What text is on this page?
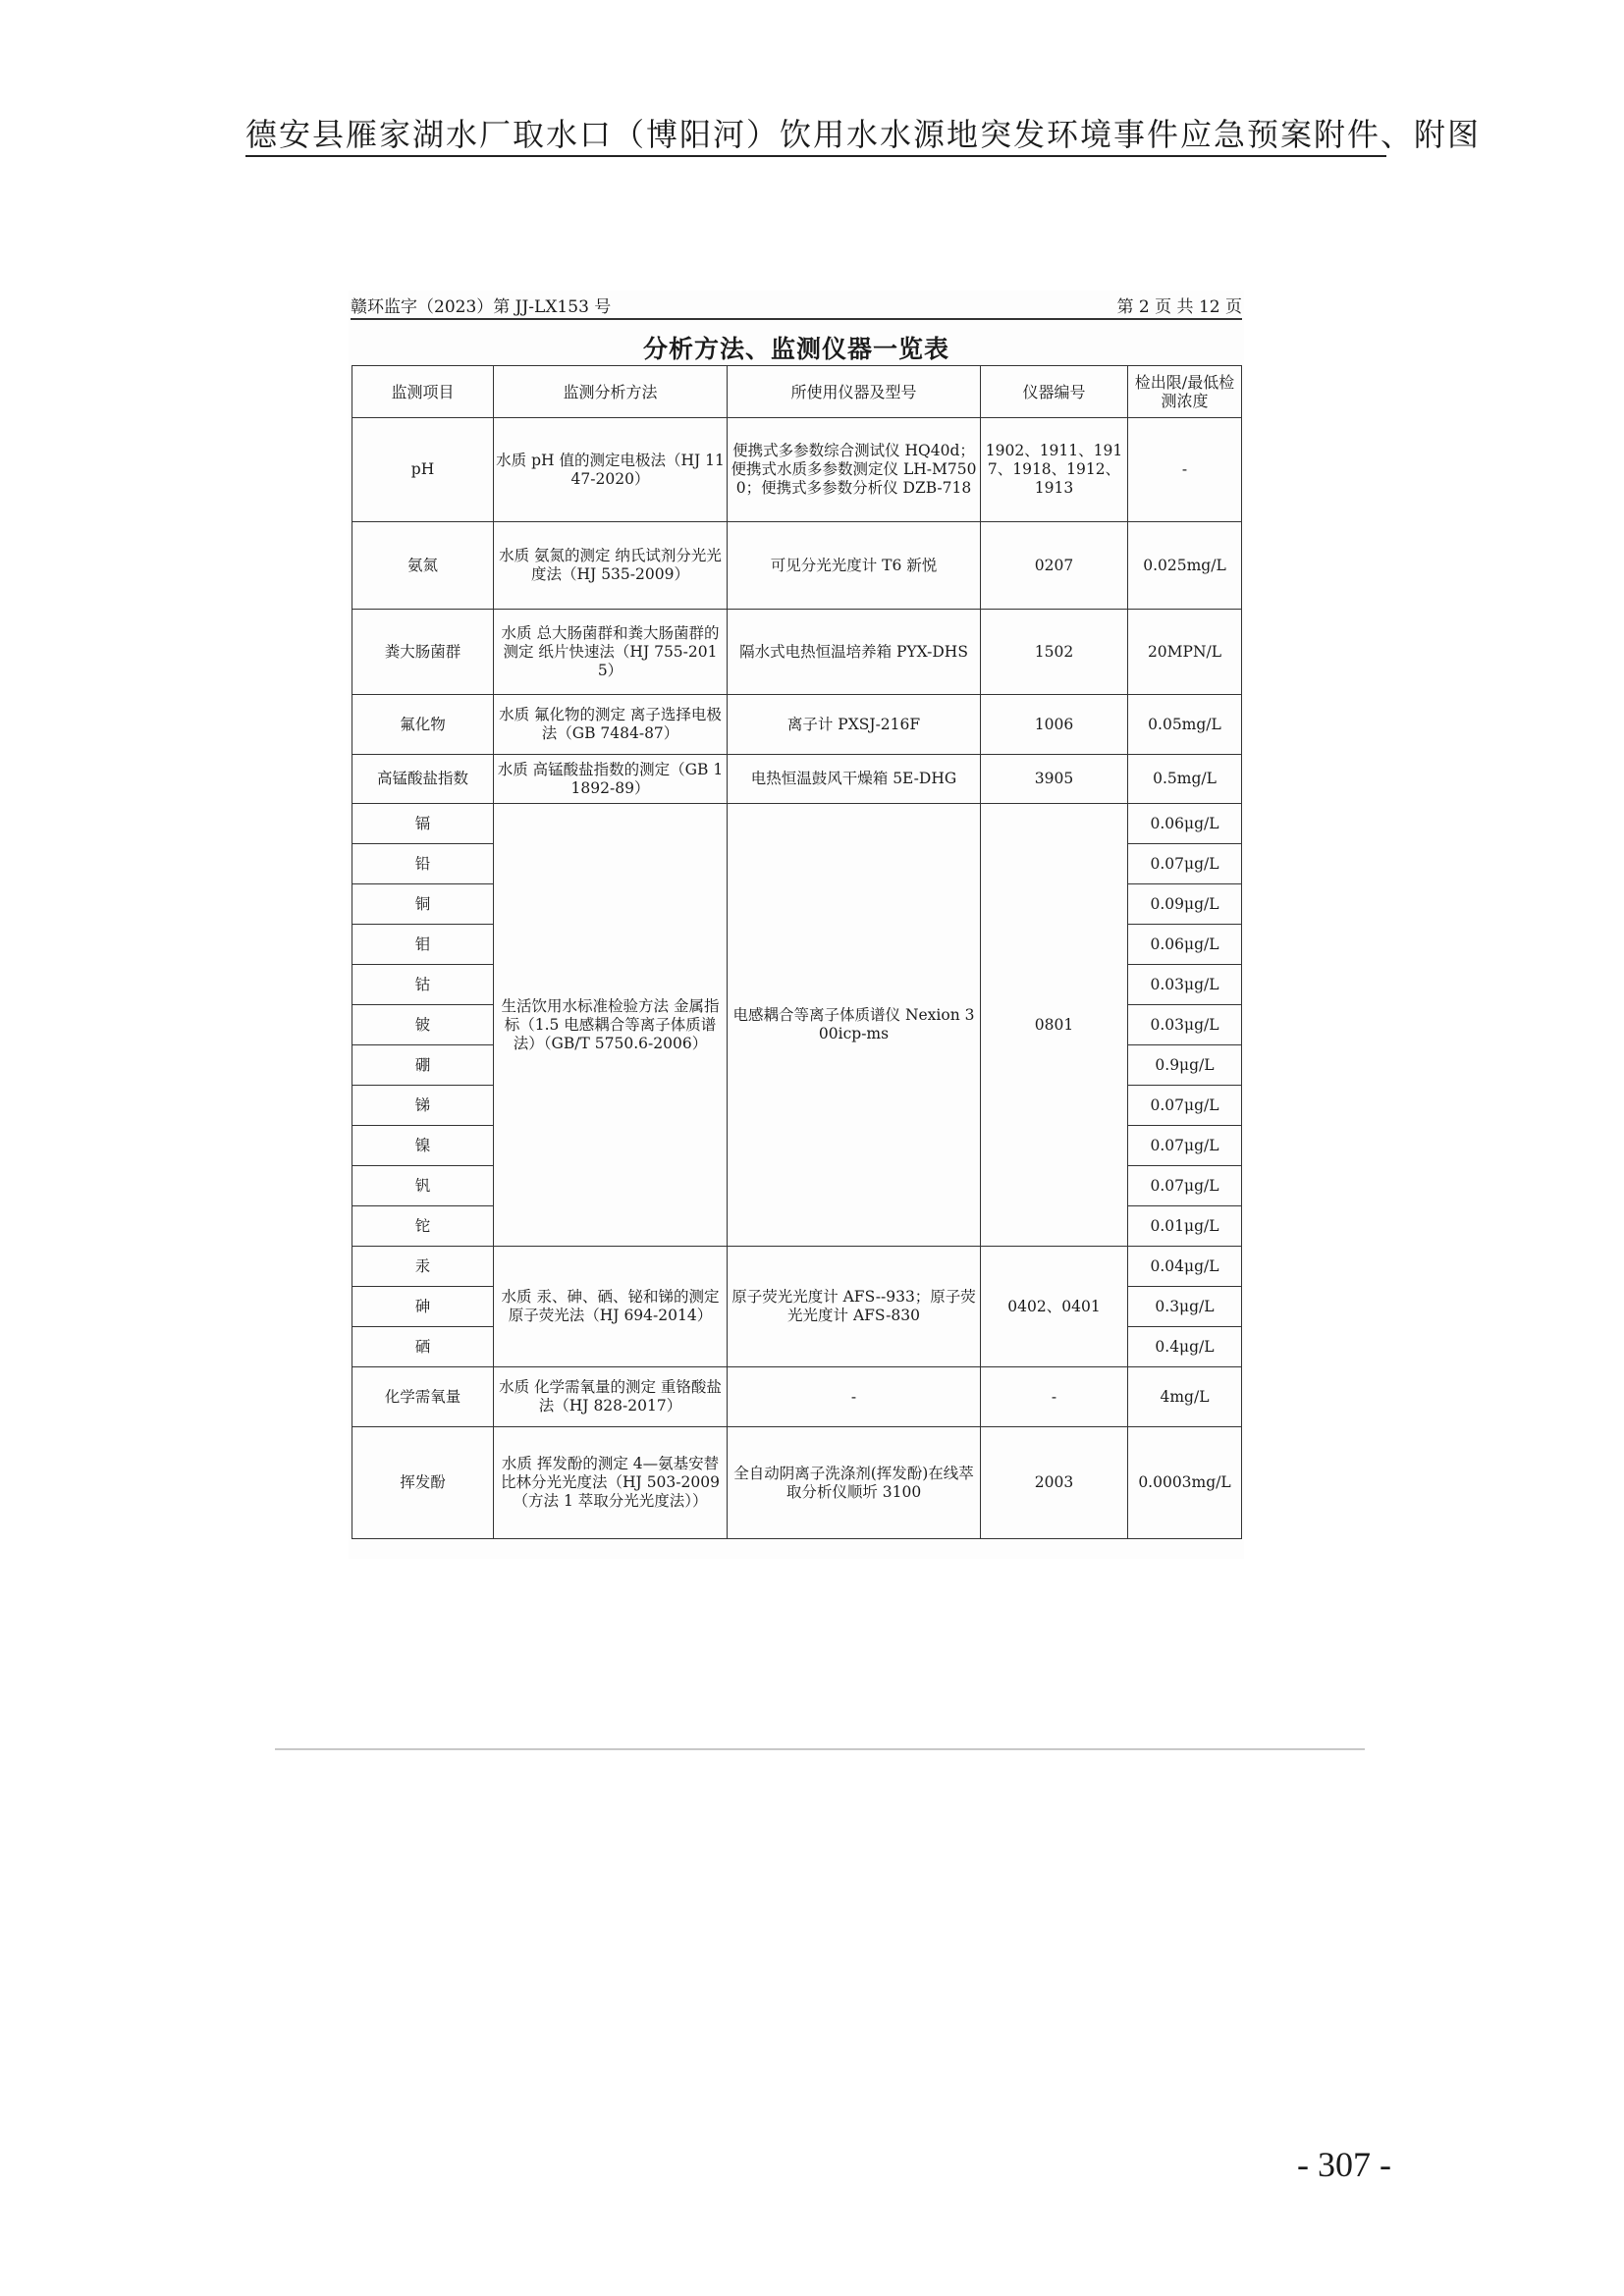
德安县雁家湖水厂取水口（博阳河）饮用水水源地突发环境事件应急预案附件、附图
赣环监字（2023）第 JJ-LX153 号	第 2 页 共 12 页
分析方法、监测仪器一览表
监测项目	监测分析方法	所使用仪器及型号	仪器编号	检出限/最低检测浓度
pH	水质 pH 值的测定电极法（HJ 1147-2020）	便携式多参数综合测试仪 HQ40d；便携式水质多参数测定仪 LH-M7500；便携式多参数分析仪 DZB-718	1902、1911、1917、1918、1912、1913	-
氨氮	水质 氨氮的测定 纳氏试剂分光光度法（HJ 535-2009）	可见分光光度计 T6 新悦	0207	0.025mg/L
粪大肠菌群	水质 总大肠菌群和粪大肠菌群的测定 纸片快速法（HJ 755-2015）	隔水式电热恒温培养箱 PYX-DHS	1502	20MPN/L
氟化物	水质 氟化物的测定 离子选择电极法（GB 7484-87）	离子计 PXSJ-216F	1006	0.05mg/L
高锰酸盐指数	水质 高锰酸盐指数的测定（GB 11892-89）	电热恒温鼓风干燥箱 5E-DHG	3905	0.5mg/L
镉	生活饮用水标准检验方法 金属指标（1.5 电感耦合等离子体质谱法）（GB/T 5750.6-2006）	电感耦合等离子体质谱仪 Nexion 300icp-ms	0801	0.06μg/L
铅				0.07μg/L
铜				0.09μg/L
钼				0.06μg/L
钴				0.03μg/L
铍				0.03μg/L
硼				0.9μg/L
锑				0.07μg/L
镍				0.07μg/L
钒				0.07μg/L
铊				0.01μg/L
汞	水质 汞、砷、硒、铋和锑的测定 原子荧光法（HJ 694-2014）	原子荧光光度计 AFS--933；原子荧光光度计 AFS-830	0402、0401	0.04μg/L
砷				0.3μg/L
硒				0.4μg/L
化学需氧量	水质 化学需氧量的测定 重铬酸盐法（HJ 828-2017）	-	-	4mg/L
挥发酚	水质 挥发酚的测定 4—氨基安替比林分光光度法（HJ 503-2009（方法 1 萃取分光光度法））	全自动阴离子洗涤剂(挥发酚)在线萃取分析仪顺圻 3100	2003	0.0003mg/L
- 307 -
